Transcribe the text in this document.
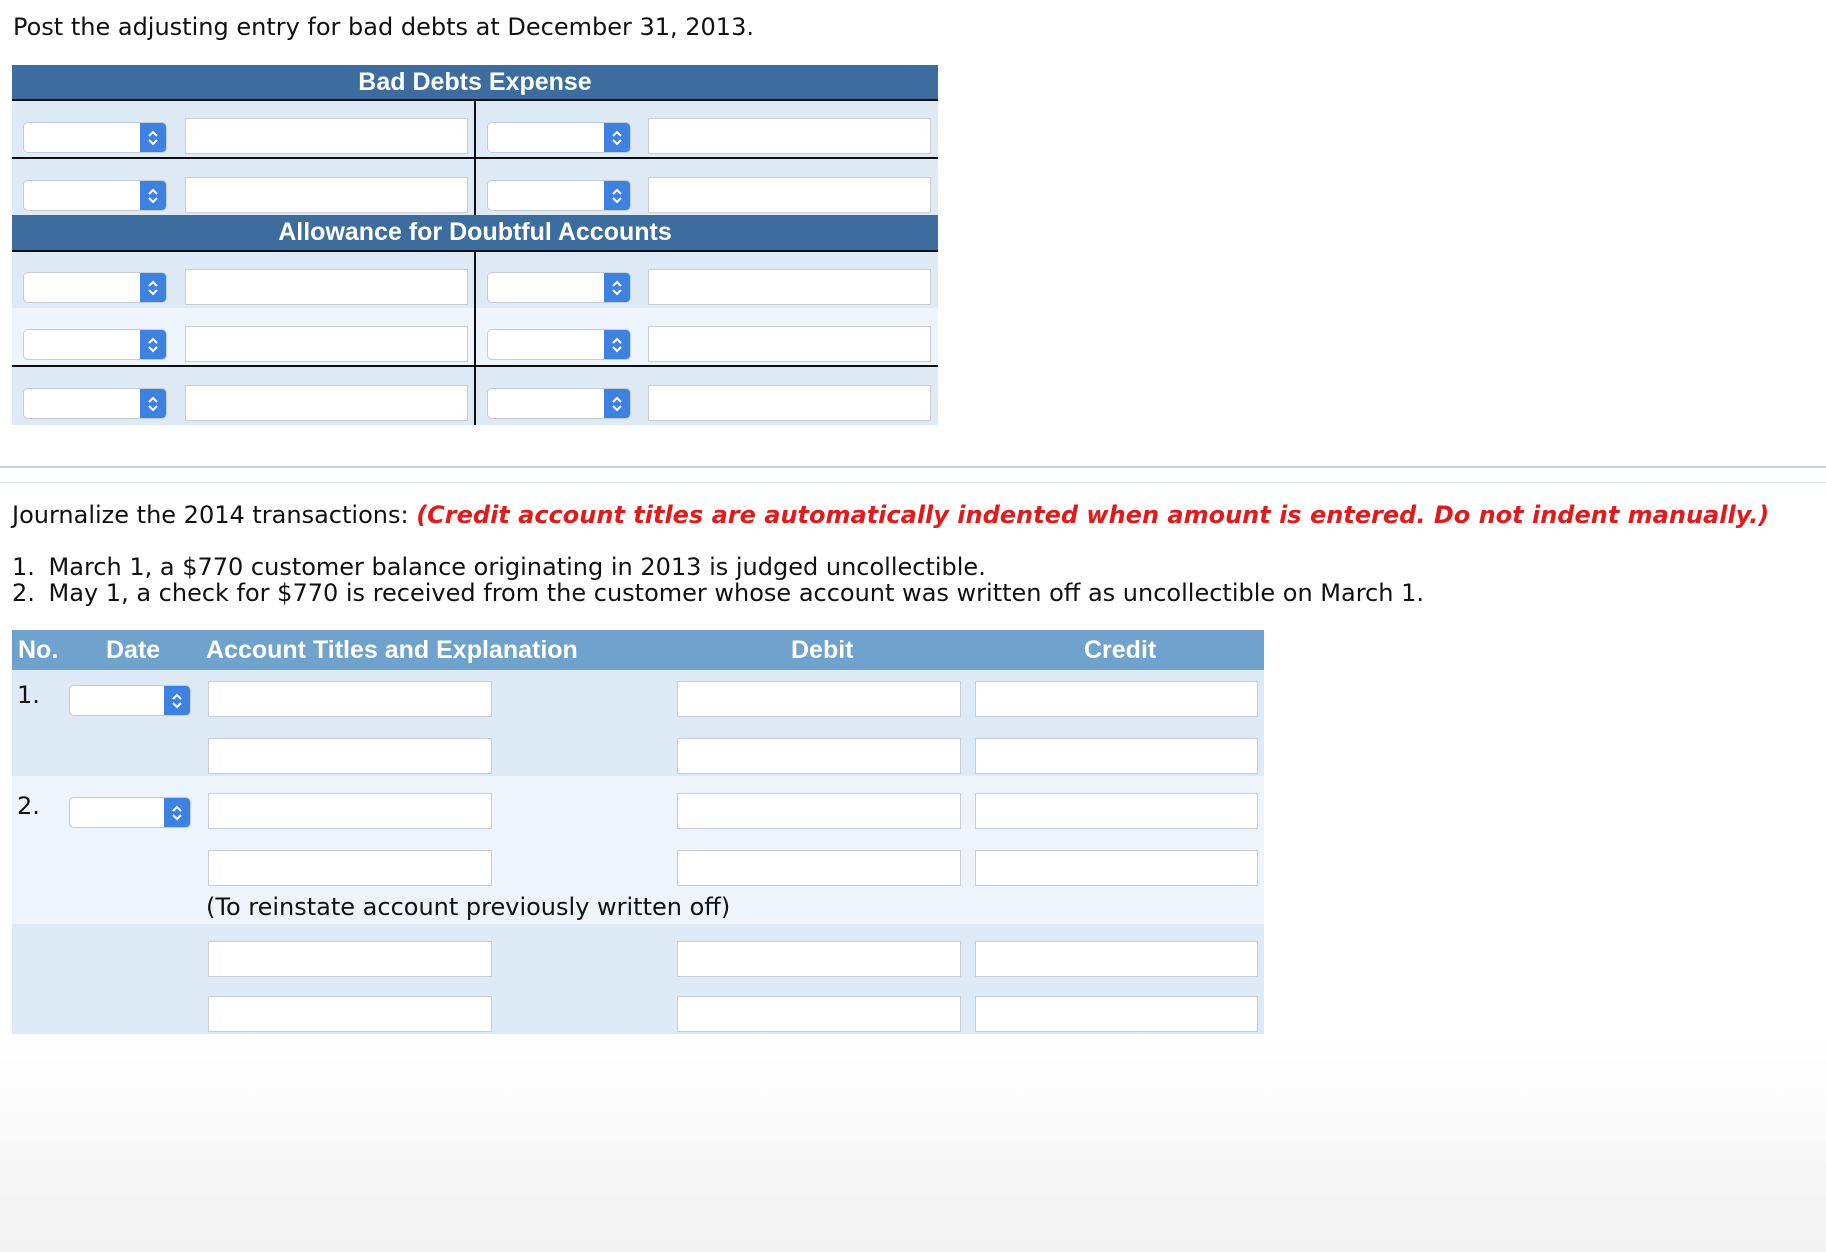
Post the adjusting entry for bad debts at December 31, 2013.
Bad Debts Expense
Allowance for Doubtful Accounts
Journalize the 2014 transactions: (Credit account titles are automatically indented when amount is entered. Do not indent manually.)
1. March 1, a $770 customer balance originating in 2013 is judged uncollectible.
2. May 1, a check for $770 is received from the customer whose account was written off as uncollectible on March 1.
No. Date Account Titles and Explanation	Debit	Credit
1.
2.
(To reinstate account previously written off)
